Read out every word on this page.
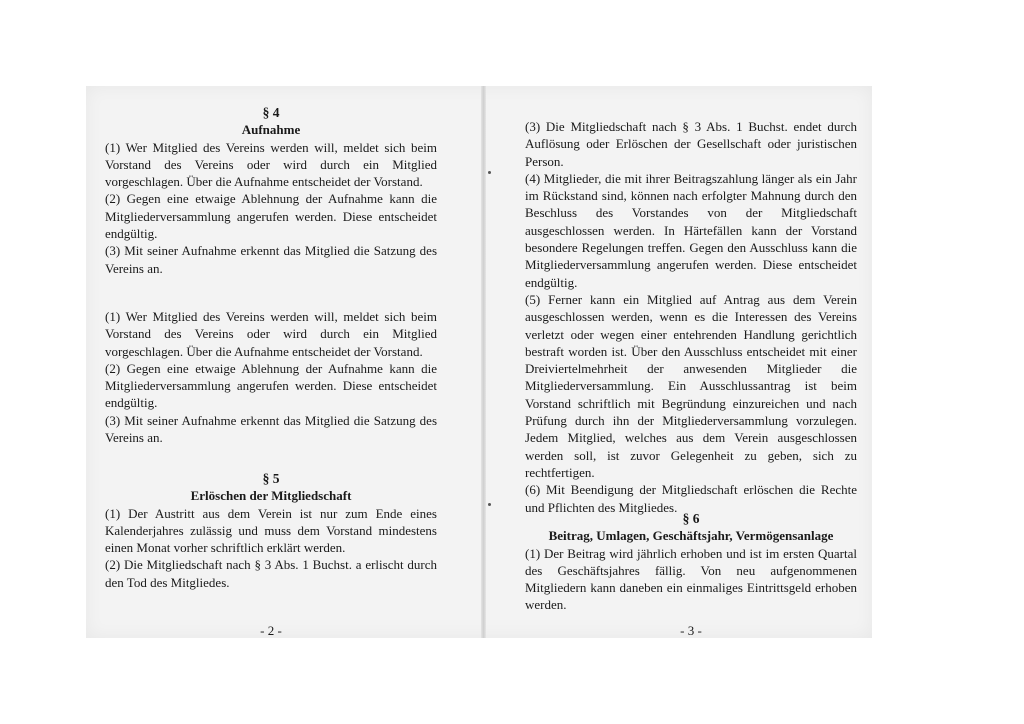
§ 4

Aufnahme

(1) Wer Mitglied des Vereins werden will, meldet sich beim Vorstand des Vereins oder wird durch ein Mitglied vorgeschlagen. Über die Aufnahme entscheidet der Vorstand.

(2) Gegen eine etwaige Ablehnung der Aufnahme kann die Mitgliederversammlung angerufen werden. Diese entscheidet endgültig.

(3) Mit seiner Aufnahme erkennt das Mitglied die Satzung des Vereins an.

(1) Wer Mitglied des Vereins werden will, meldet sich beim Vorstand des Vereins oder wird durch ein Mitglied vorgeschlagen. Über die Aufnahme entscheidet der Vorstand.

(2) Gegen eine etwaige Ablehnung der Aufnahme kann die Mitgliederversammlung angerufen werden. Diese entscheidet endgültig.

(3) Mit seiner Aufnahme erkennt das Mitglied die Satzung des Vereins an.

§ 5

Erlöschen der Mitgliedschaft

(1) Der Austritt aus dem Verein ist nur zum Ende eines Kalenderjahres zulässig und muss dem Vorstand mindestens einen Monat vorher schriftlich erklärt werden.

(2) Die Mitgliedschaft nach § 3 Abs. 1 Buchst. a erlischt durch den Tod des Mitgliedes.

- 2 -

(3) Die Mitgliedschaft nach § 3 Abs. 1 Buchst. endet durch Auflösung oder Erlöschen der Gesellschaft oder juristischen Person.

(4) Mitglieder, die mit ihrer Beitragszahlung länger als ein Jahr im Rückstand sind, können nach erfolgter Mahnung durch den Beschluss des Vorstandes von der Mitgliedschaft ausgeschlossen werden. In Härtefällen kann der Vorstand besondere Regelungen treffen. Gegen den Ausschluss kann die Mitgliederversammlung angerufen werden. Diese entscheidet endgültig.

(5) Ferner kann ein Mitglied auf Antrag aus dem Verein ausgeschlossen werden, wenn es die Interessen des Vereins verletzt oder wegen einer entehrenden Handlung gerichtlich bestraft worden ist. Über den Ausschluss entscheidet mit einer Dreiviertelmehrheit der anwesenden Mitglieder die Mitgliederversammlung. Ein Ausschlussantrag ist beim Vorstand schriftlich mit Begründung einzureichen und nach Prüfung durch ihn der Mitgliederversammlung vorzulegen. Jedem Mitglied, welches aus dem Verein ausgeschlossen werden soll, ist zuvor Gelegenheit zu geben, sich zu rechtfertigen.

(6) Mit Beendigung der Mitgliedschaft erlöschen die Rechte und Pflichten des Mitgliedes.

§ 6

Beitrag, Umlagen, Geschäftsjahr, Vermögensanlage

(1) Der Beitrag wird jährlich erhoben und ist im ersten Quartal des Geschäftsjahres fällig. Von neu aufgenommenen Mitgliedern kann daneben ein einmaliges Eintrittsgeld erhoben werden.

- 3 -
